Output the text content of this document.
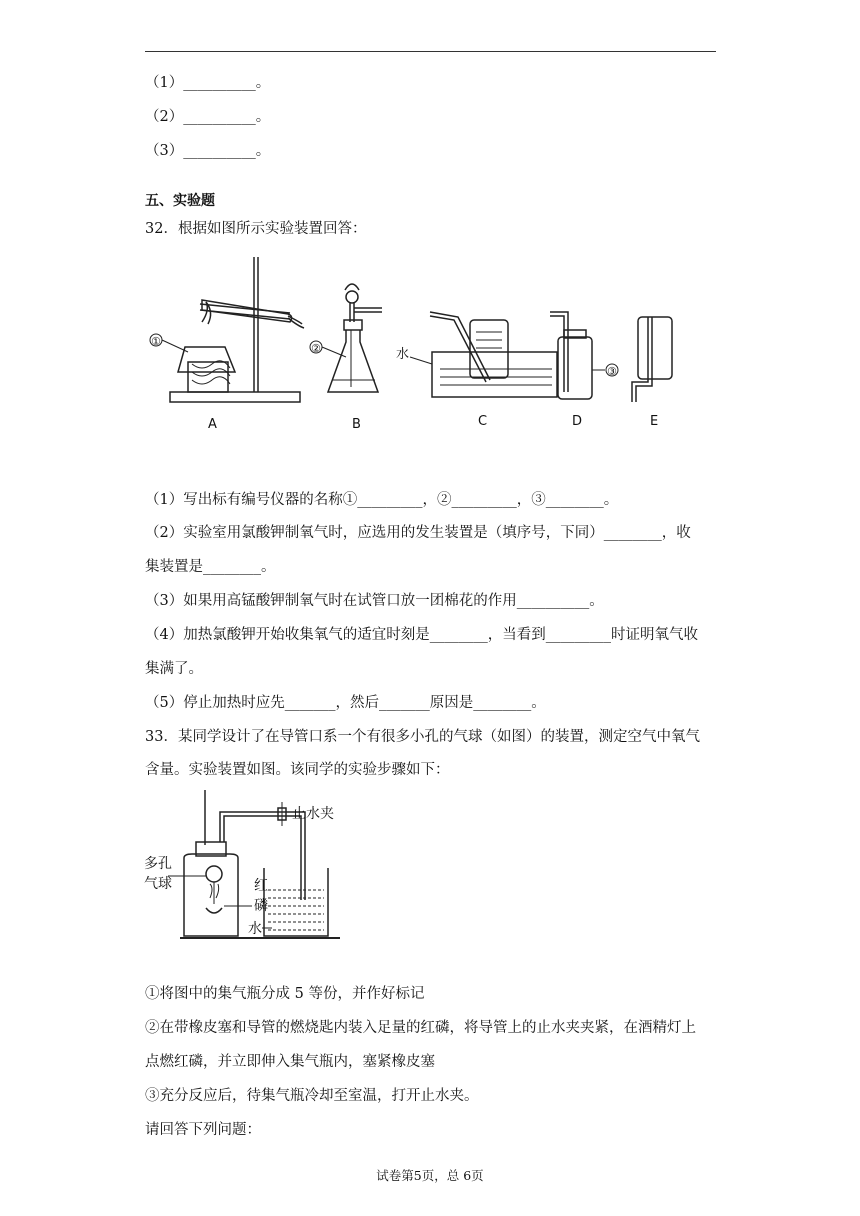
（1）__________。
（2）__________。
（3）__________。
五、实验题
32．根据如图所示实验装置回答：
①
②
③
水
A	B	C	D	E
（1）写出标有编号仪器的名称①_________，②_________，③________。
（2）实验室用氯酸钾制氧气时，应选用的发生装置是（填序号，下同）________，收
集装置是________。
（3）如果用高锰酸钾制氧气时在试管口放一团棉花的作用__________。
（4）加热氯酸钾开始收集氧气的适宜时刻是________，当看到_________时证明氧气收
集满了。
（5）停止加热时应先_______，然后_______原因是________。
33．某同学设计了在导管口系一个有很多小孔的气球（如图）的装置，测定空气中氧气
含量。实验装置如图。该同学的实验步骤如下：
止水夹
多孔
气球	红
磷
水
①将图中的集气瓶分成 5 等份，并作好标记
②在带橡皮塞和导管的燃烧匙内装入足量的红磷，将导管上的止水夹夹紧，在酒精灯上
点燃红磷，并立即伸入集气瓶内，塞紧橡皮塞
③充分反应后，待集气瓶冷却至室温，打开止水夹。
请回答下列问题：
试卷第5页，总 6页
